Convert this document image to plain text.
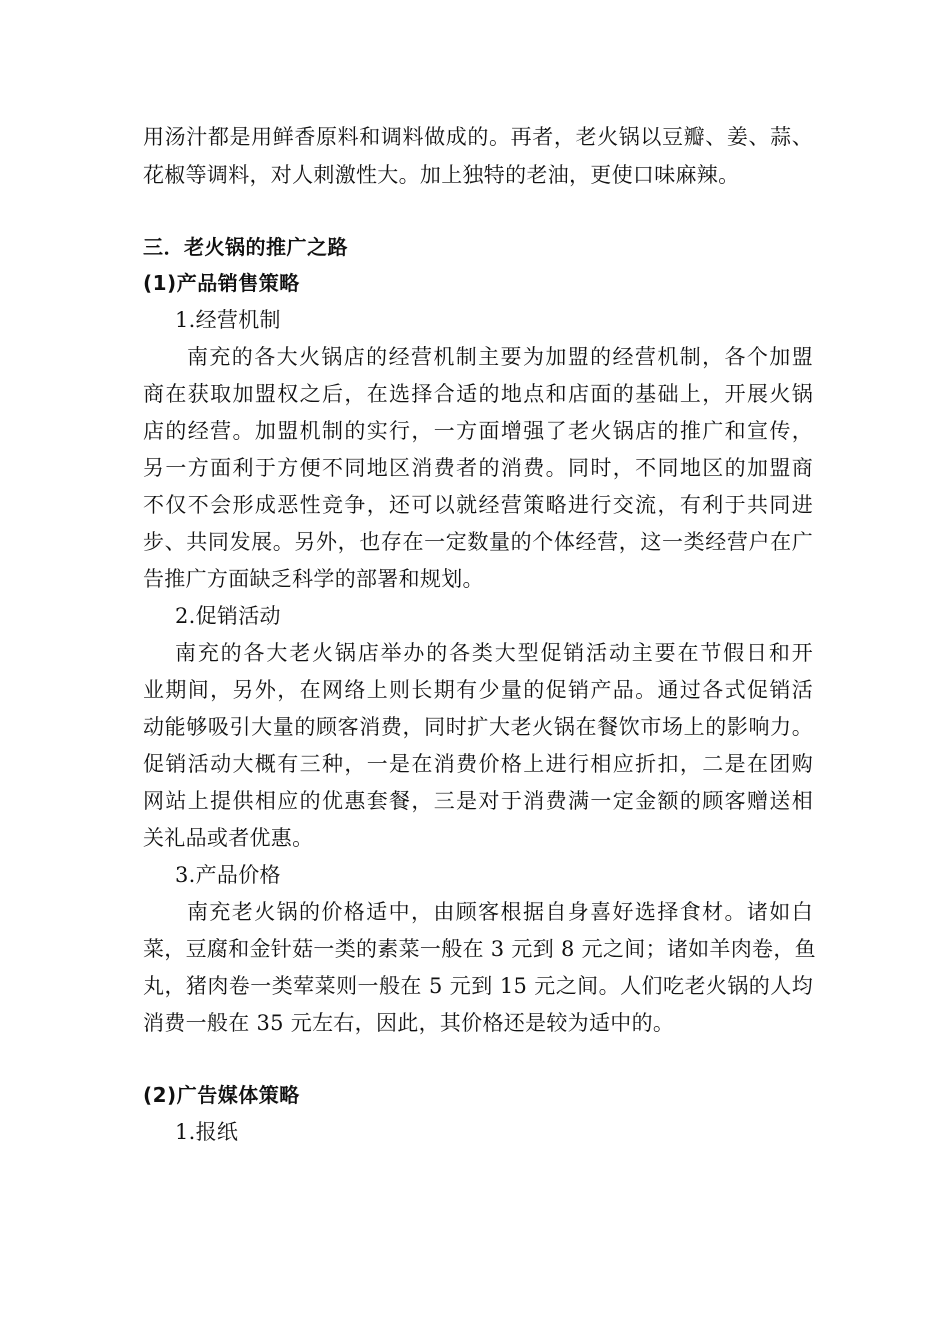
用汤汁都是用鲜香原料和调料做成的。再者，老火锅以豆瓣、姜、蒜、

花椒等调料，对人刺激性大。加上独特的老油，更使口味麻辣。

三．老火锅的推广之路

(1)产品销售策略

1.经营机制

南充的各大火锅店的经营机制主要为加盟的经营机制，各个加盟

商在获取加盟权之后，在选择合适的地点和店面的基础上，开展火锅

店的经营。加盟机制的实行，一方面增强了老火锅店的推广和宣传，

另一方面利于方便不同地区消费者的消费。同时，不同地区的加盟商

不仅不会形成恶性竞争，还可以就经营策略进行交流，有利于共同进

步、共同发展。另外，也存在一定数量的个体经营，这一类经营户在广

告推广方面缺乏科学的部署和规划。

2.促销活动

南充的各大老火锅店举办的各类大型促销活动主要在节假日和开

业期间，另外，在网络上则长期有少量的促销产品。通过各式促销活

动能够吸引大量的顾客消费，同时扩大老火锅在餐饮市场上的影响力。

促销活动大概有三种，一是在消费价格上进行相应折扣，二是在团购

网站上提供相应的优惠套餐，三是对于消费满一定金额的顾客赠送相

关礼品或者优惠。

3.产品价格

南充老火锅的价格适中，由顾客根据自身喜好选择食材。诸如白

菜，豆腐和金针菇一类的素菜一般在 3 元到 8 元之间；诸如羊肉卷，鱼

丸，猪肉卷一类荤菜则一般在 5 元到 15 元之间。人们吃老火锅的人均

消费一般在 35 元左右，因此，其价格还是较为适中的。

(2)广告媒体策略

1.报纸
